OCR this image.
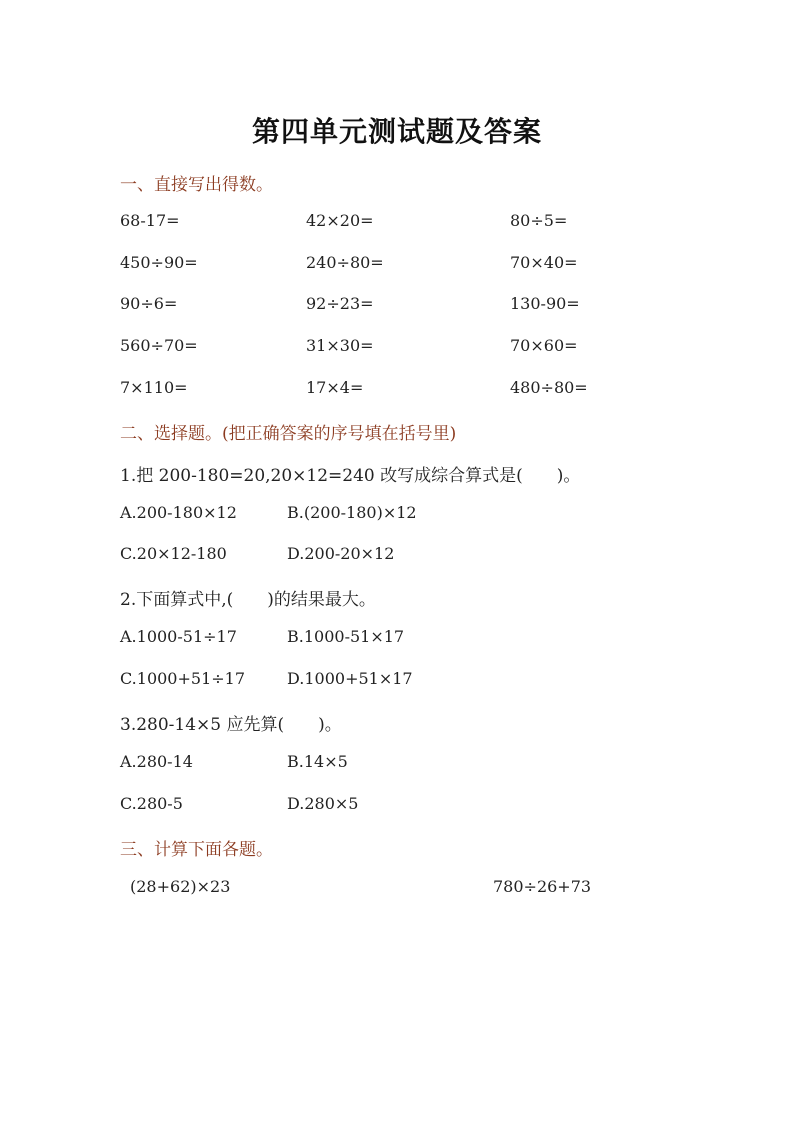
第四单元测试题及答案
一、直接写出得数。
68-17=	42×20=	80÷5=
450÷90=	240÷80=	70×40=
90÷6=	92÷23=	130-90=
560÷70=	31×30=	70×60=
7×110=	17×4=	480÷80=
二、选择题。(把正确答案的序号填在括号里)
1.把 200-180=20,20×12=240 改写成综合算式是(　　)。
A.200-180×12	B.(200-180)×12
C.20×12-180	D.200-20×12
2.下面算式中,(　　)的结果最大。
A.1000-51÷17	B.1000-51×17
C.1000+51÷17	D.1000+51×17
3.280-14×5 应先算(　　)。
A.280-14	B.14×5
C.280-5	D.280×5
三、计算下面各题。
(28+62)×23	780÷26+73
